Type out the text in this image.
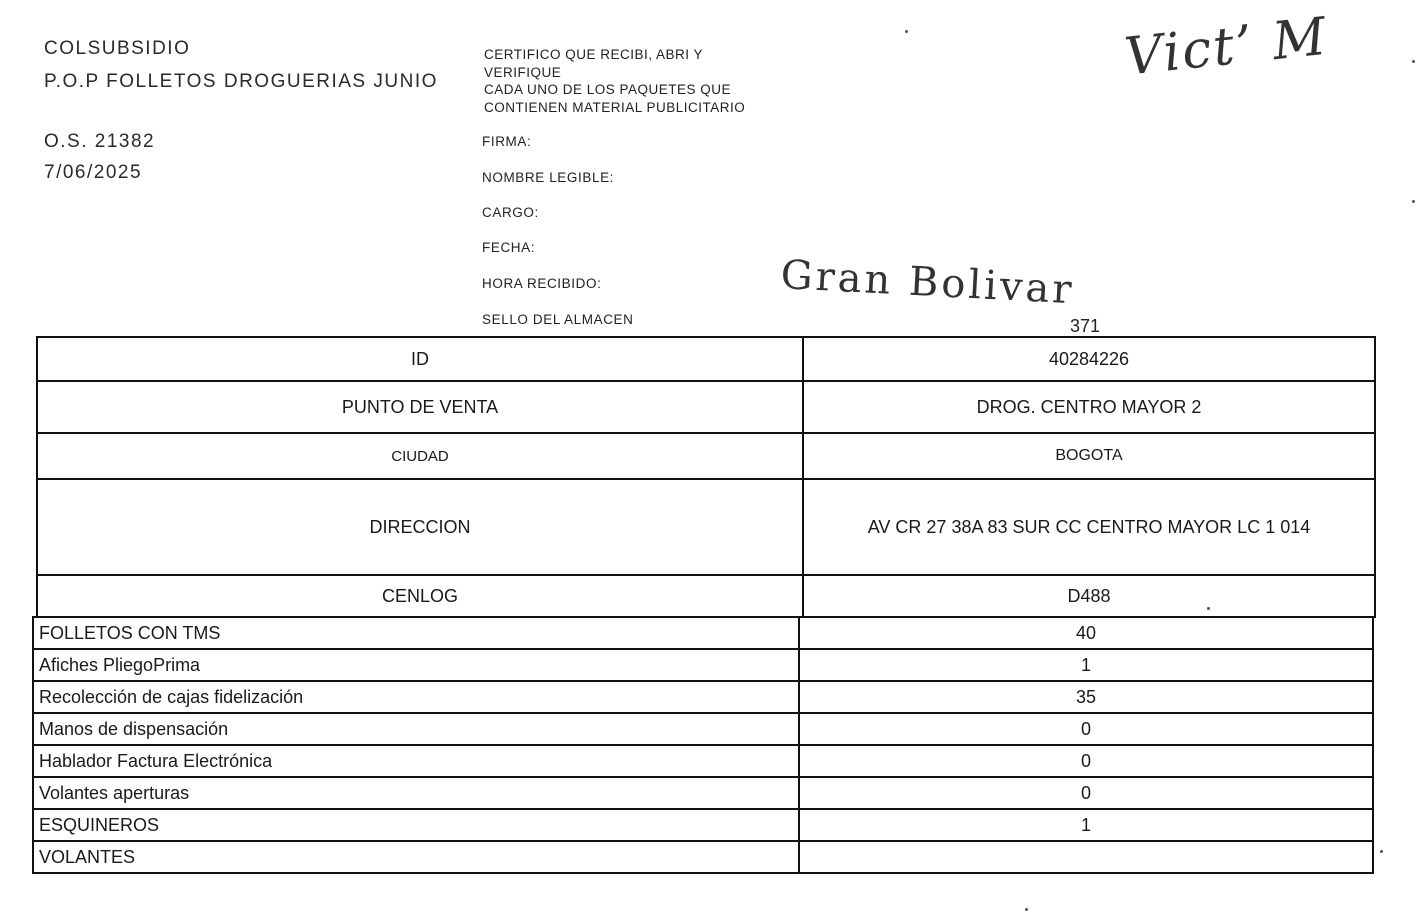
COLSUBSIDIO
P.O.P FOLLETOS DROGUERIAS JUNIO
O.S. 21382
7/06/2025
CERTIFICO QUE RECIBI, ABRI Y
VERIFIQUE
CADA UNO DE LOS PAQUETES QUE
CONTIENEN MATERIAL PUBLICITARIO
FIRMA:
NOMBRE LEGIBLE:
CARGO:
FECHA:
HORA RECIBIDO:
SELLO DEL ALMACEN
Vict’ M
Gran Bolivar
371
ID	40284226
PUNTO DE VENTA	DROG. CENTRO MAYOR 2
CIUDAD	BOGOTA
DIRECCION	AV CR 27 38A 83 SUR CC CENTRO MAYOR LC 1 014
CENLOG	D488
FOLLETOS CON TMS	40
Afiches PliegoPrima	1
Recolección de cajas fidelización	35
Manos de dispensación	0
Hablador Factura Electrónica	0
Volantes aperturas	0
ESQUINEROS	1
VOLANTES	
